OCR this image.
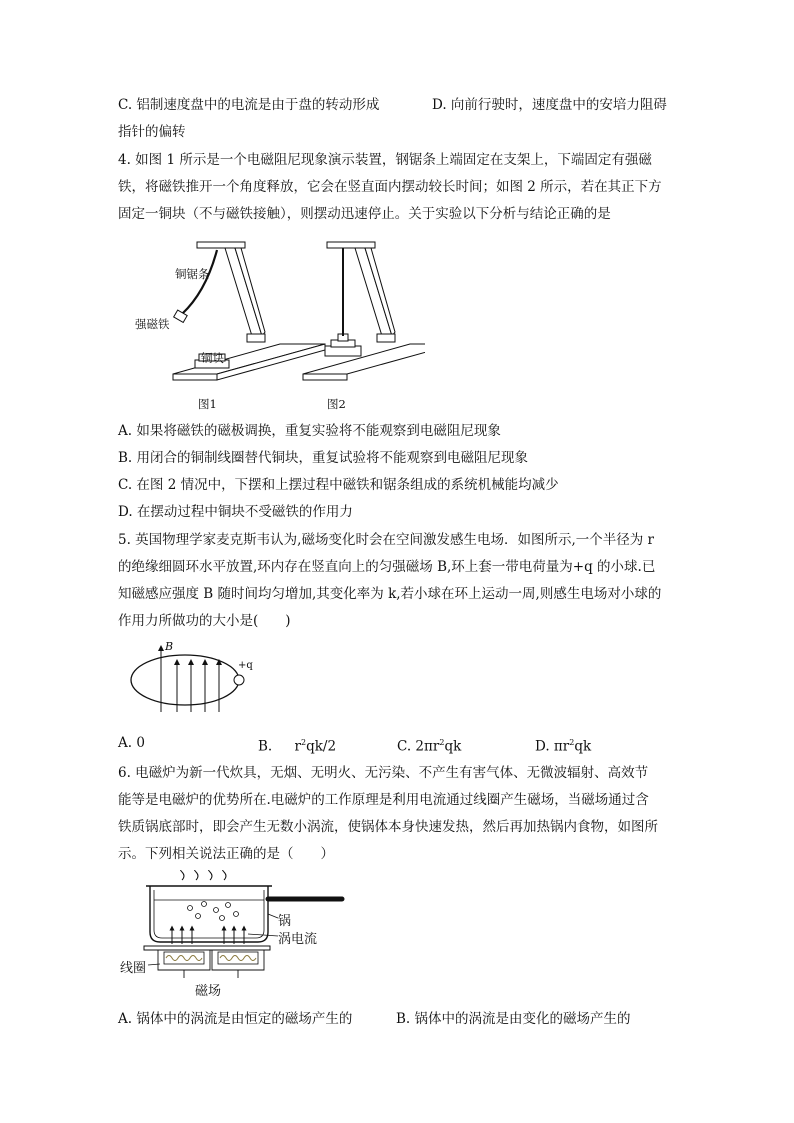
C. 铝制速度盘中的电流是由于盘的转动形成	D. 向前行驶时，速度盘中的安培力阻碍
指针的偏转
4. 如图 1 所示是一个电磁阻尼现象演示装置，钢锯条上端固定在支架上，下端固定有强磁
铁，将磁铁推开一个角度释放，它会在竖直面内摆动较长时间；如图 2 所示，若在其正下方
固定一铜块（不与磁铁接触），则摆动迅速停止。关于实验以下分析与结论正确的是
铜锯条
强磁铁
铜块
图1	图2
A. 如果将磁铁的磁极调换，重复实验将不能观察到电磁阻尼现象
B. 用闭合的铜制线圈替代铜块，重复试验将不能观察到电磁阻尼现象
C. 在图 2 情况中，下摆和上摆过程中磁铁和锯条组成的系统机械能均减少
D. 在摆动过程中铜块不受磁铁的作用力
5. 英国物理学家麦克斯韦认为,磁场变化时会在空间激发感生电场．如图所示,一个半径为 r
的绝缘细圆环水平放置,环内存在竖直向上的匀强磁场 B,环上套一带电荷量为+q 的小球.已
知磁感应强度 B 随时间均匀增加,其变化率为 k,若小球在环上运动一周,则感生电场对小球的
作用力所做功的大小是(　　)
B
+q
A. 0	B. $r^2qk/2$	C. $2\pi r^2qk$	D. $\pi r^2qk$
6. 电磁炉为新一代炊具，无烟、无明火、无污染、不产生有害气体、无微波辐射、高效节
能等是电磁炉的优势所在.电磁炉的工作原理是利用电流通过线圈产生磁场，当磁场通过含
铁质锅底部时，即会产生无数小涡流，使锅体本身快速发热，然后再加热锅内食物，如图所
示。下列相关说法正确的是（　　）
锅
涡电流
线圈
磁场
A. 锅体中的涡流是由恒定的磁场产生的	B. 锅体中的涡流是由变化的磁场产生的
